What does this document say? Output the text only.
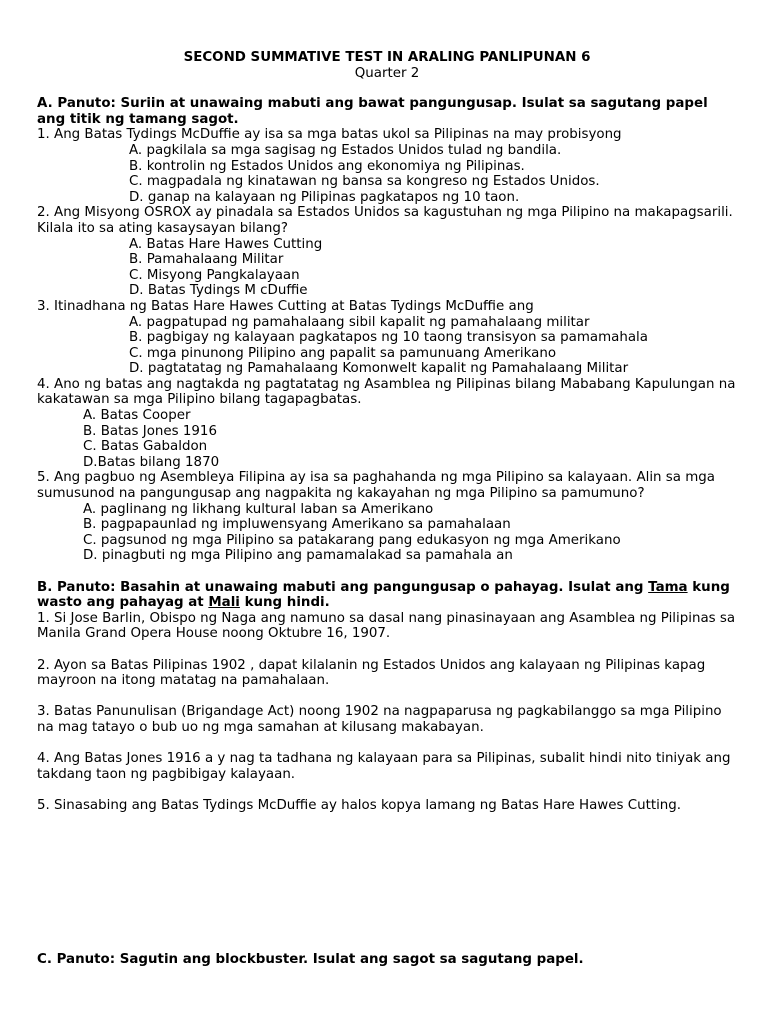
SECOND SUMMATIVE TEST IN ARALING PANLIPUNAN 6

Quarter 2

A. Panuto: Suriin at unawaing mabuti ang bawat pangungusap. Isulat sa sagutang papel ang titik ng tamang sagot.

1. Ang Batas Tydings McDuffie ay isa sa mga batas ukol sa Pilipinas na may probisyong

A. pagkilala sa mga sagisag ng Estados Unidos tulad ng bandila.

B. kontrolin ng Estados Unidos ang ekonomiya ng Pilipinas.

C. magpadala ng kinatawan ng bansa sa kongreso ng Estados Unidos.

D. ganap na kalayaan ng Pilipinas pagkatapos ng 10 taon.

2. Ang Misyong OSROX ay pinadala sa Estados Unidos sa kagustuhan ng mga Pilipino na makapagsarili. Kilala ito sa ating kasaysayan bilang?

A. Batas Hare Hawes Cutting

B. Pamahalaang Militar

C. Misyong Pangkalayaan

D. Batas Tydings M cDuffie

3. Itinadhana ng Batas Hare Hawes Cutting at Batas Tydings McDuffie ang

A. pagpatupad ng pamahalaang sibil kapalit ng pamahalaang militar

B. pagbigay ng kalayaan pagkatapos ng 10 taong transisyon sa pamamahala

C. mga pinunong Pilipino ang papalit sa pamunuang Amerikano

D. pagtatatag ng Pamahalaang Komonwelt kapalit ng Pamahalaang Militar

4. Ano ng batas ang nagtakda ng pagtatatag ng Asamblea ng Pilipinas bilang Mababang Kapulungan na kakatawan sa mga Pilipino bilang tagapagbatas.

A. Batas Cooper

B. Batas Jones 1916

C. Batas Gabaldon

D.Batas bilang 1870

5. Ang pagbuo ng Asembleya Filipina ay isa sa paghahanda ng mga Pilipino sa kalayaan. Alin sa mga sumusunod na pangungusap ang nagpakita ng kakayahan ng mga Pilipino sa pamumuno?

A. paglinang ng likhang kultural laban sa Amerikano

B. pagpapaunlad ng impluwensyang Amerikano sa pamahalaan

C. pagsunod ng mga Pilipino sa patakarang pang edukasyon ng mga Amerikano

D. pinagbuti ng mga Pilipino ang pamamalakad sa pamahala an

B. Panuto: Basahin at unawaing mabuti ang pangungusap o pahayag. Isulat ang Tama kung wasto ang pahayag at Mali kung hindi.

1. Si Jose Barlin, Obispo ng Naga ang namuno sa dasal nang pinasinayaan ang Asamblea ng Pilipinas sa Manila Grand Opera House noong Oktubre 16, 1907.

2. Ayon sa Batas Pilipinas 1902 , dapat kilalanin ng Estados Unidos ang kalayaan ng Pilipinas kapag mayroon na itong matatag na pamahalaan.

3. Batas Panunulisan (Brigandage Act) noong 1902 na nagpaparusa ng pagkabilanggo sa mga Pilipino na mag tatayo o bub uo ng mga samahan at kilusang makabayan.

4. Ang Batas Jones 1916 a y nag ta tadhana ng kalayaan para sa Pilipinas, subalit hindi nito tiniyak ang takdang taon ng pagbibigay kalayaan.

5. Sinasabing ang Batas Tydings McDuffie ay halos kopya lamang ng Batas Hare Hawes Cutting.

C. Panuto: Sagutin ang blockbuster. Isulat ang sagot sa sagutang papel.
